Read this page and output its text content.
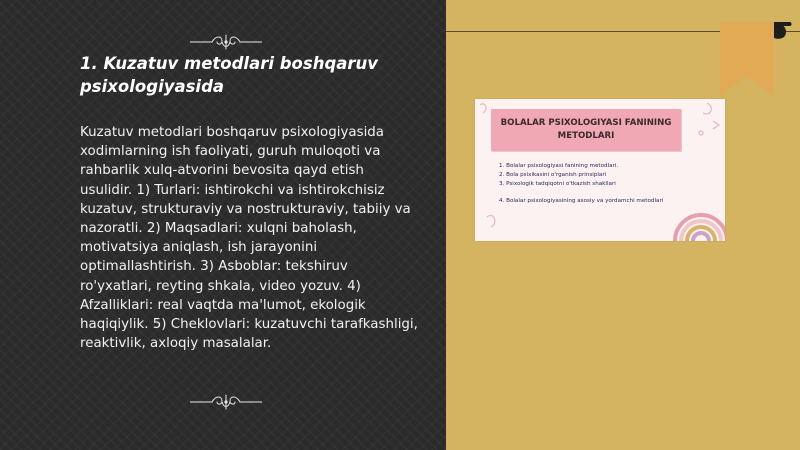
1. Kuzatuv metodlari boshqaruv psixologiyasida

Kuzatuv metodlari boshqaruv psixologiyasida xodimlarning ish faoliyati, guruh muloqoti va rahbarlik xulq-atvorini bevosita qayd etish usulidir. 1) Turlari: ishtirokchi va ishtirokchisiz kuzatuv, strukturaviy va nostrukturaviy, tabiiy va nazoratli. 2) Maqsadlari: xulqni baholash, motivatsiya aniqlash, ish jarayonini optimallashtirish. 3) Asboblar: tekshiruv ro'yxatlari, reyting shkala, video yozuv. 4) Afzalliklari: real vaqtda ma'lumot, ekologik haqiqiylik. 5) Cheklovlari: kuzatuvchi tarafkashligi, reaktivlik, axloqiy masalalar.

BOLALAR PSIXOLOGIYASI FANINING METODLARI
1. Bolalar psixologiyasi fanining metodlari.
2. Bola psixikasini o'rganish prinsiplari
3. Psixologik tadqiqotni o'tkazish shakllari
4. Bolalar psixologiyasining asosiy va yordamchi metodlari
